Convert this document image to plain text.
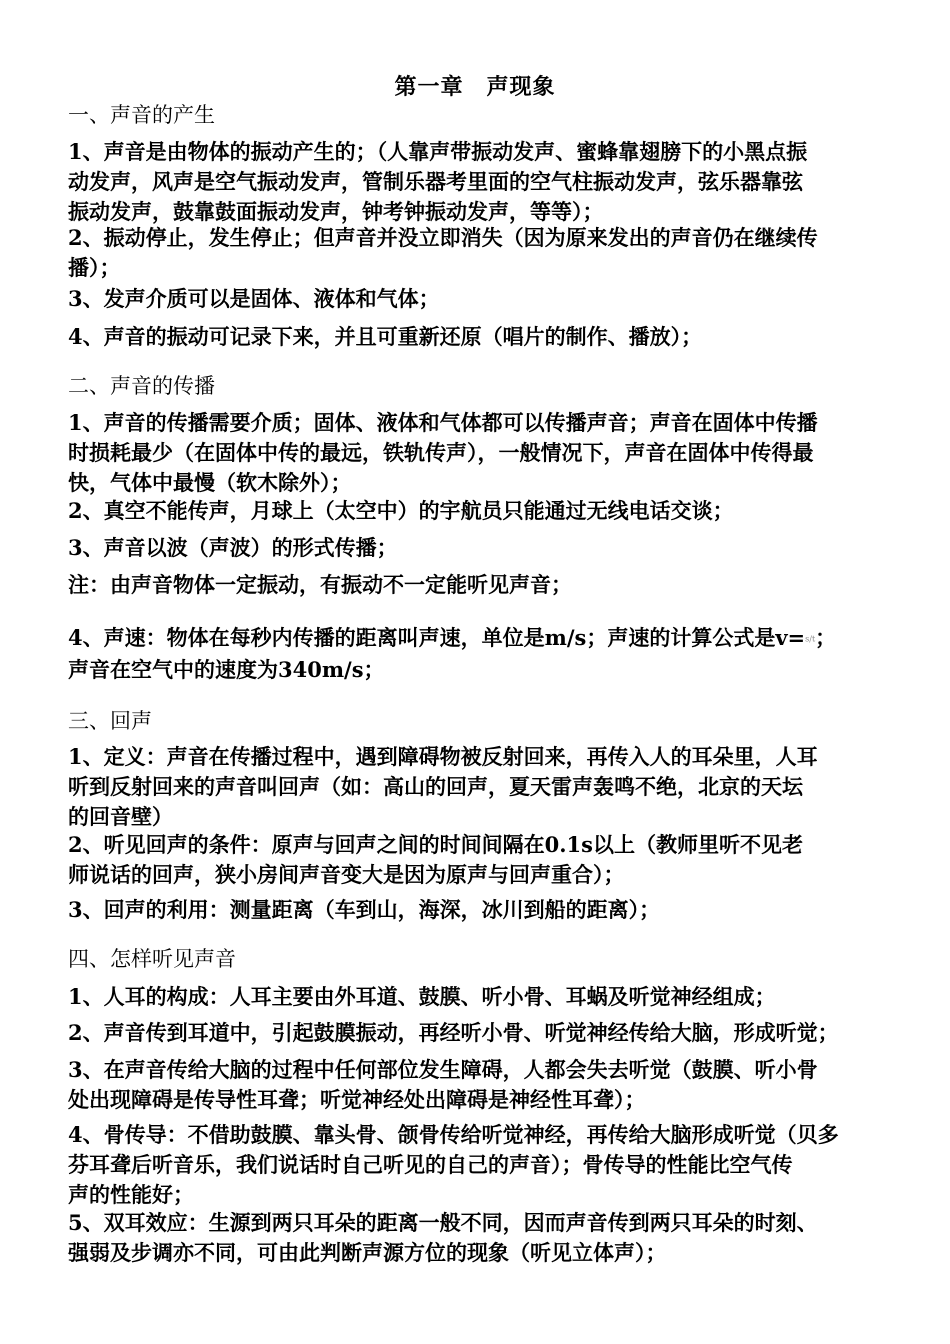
第一章　声现象
一、声音的产生
1、声音是由物体的振动产生的；（人靠声带振动发声、蜜蜂靠翅膀下的小黑点振
动发声，风声是空气振动发声，管制乐器考里面的空气柱振动发声，弦乐器靠弦
振动发声，鼓靠鼓面振动发声，钟考钟振动发声，等等）；
2、振动停止，发生停止；但声音并没立即消失（因为原来发出的声音仍在继续传
播）；
3、发声介质可以是固体、液体和气体；
4、声音的振动可记录下来，并且可重新还原（唱片的制作、播放）；
二、声音的传播
1、声音的传播需要介质；固体、液体和气体都可以传播声音；声音在固体中传播
时损耗最少（在固体中传的最远，铁轨传声），一般情况下，声音在固体中传得最
快，气体中最慢（软木除外）；
2、真空不能传声，月球上（太空中）的宇航员只能通过无线电话交谈；
3、声音以波（声波）的形式传播；
注：由声音物体一定振动，有振动不一定能听见声音；
4、声速：物体在每秒内传播的距离叫声速，单位是m/s；声速的计算公式是v=s/t；
声音在空气中的速度为340m/s；
三、回声
1、定义：声音在传播过程中，遇到障碍物被反射回来，再传入人的耳朵里，人耳
听到反射回来的声音叫回声（如：高山的回声，夏天雷声轰鸣不绝，北京的天坛
的回音壁）
2、听见回声的条件：原声与回声之间的时间间隔在0.1s以上（教师里听不见老
师说话的回声，狭小房间声音变大是因为原声与回声重合）；
3、回声的利用：测量距离（车到山，海深，冰川到船的距离）；
四、怎样听见声音
1、人耳的构成：人耳主要由外耳道、鼓膜、听小骨、耳蜗及听觉神经组成；
2、声音传到耳道中，引起鼓膜振动，再经听小骨、听觉神经传给大脑，形成听觉；
3、在声音传给大脑的过程中任何部位发生障碍，人都会失去听觉（鼓膜、听小骨
处出现障碍是传导性耳聋；听觉神经处出障碍是神经性耳聋）；
4、骨传导：不借助鼓膜、靠头骨、颌骨传给听觉神经，再传给大脑形成听觉（贝多
芬耳聋后听音乐，我们说话时自己听见的自己的声音）；骨传导的性能比空气传
声的性能好；
5、双耳效应：生源到两只耳朵的距离一般不同，因而声音传到两只耳朵的时刻、
强弱及步调亦不同，可由此判断声源方位的现象（听见立体声）；
